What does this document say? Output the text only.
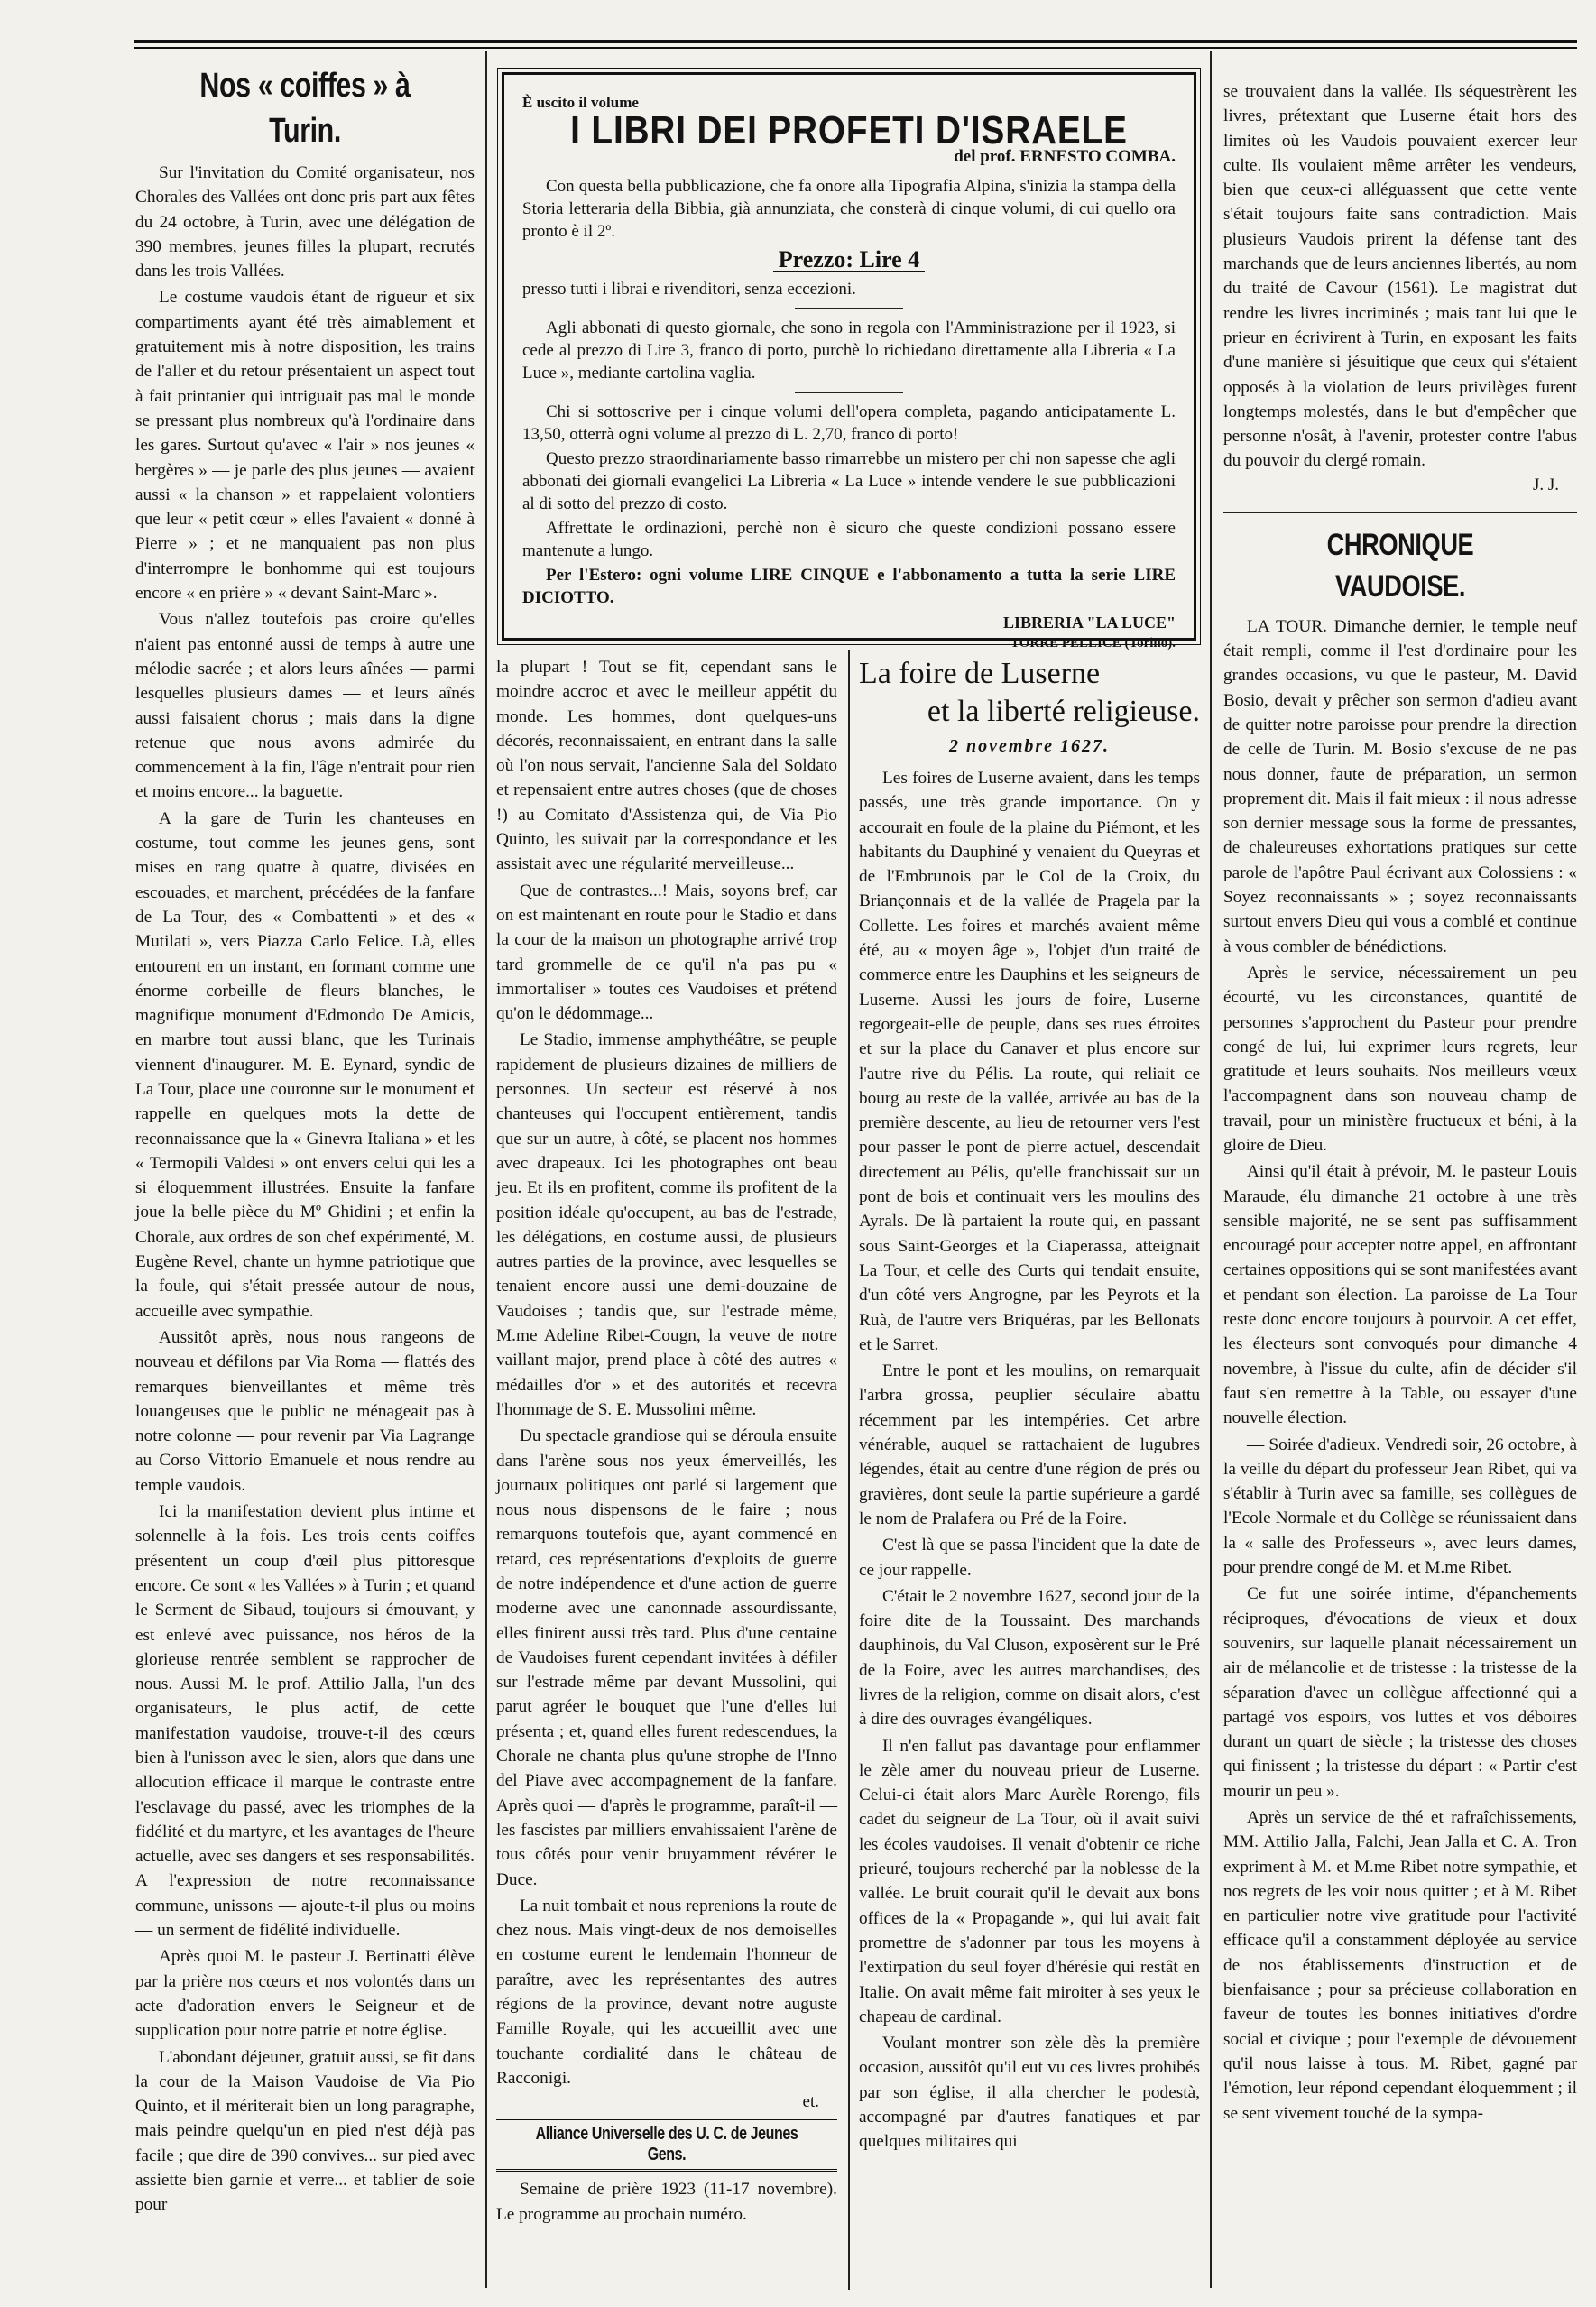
Nos « coiffes » à Turin.

Sur l'invitation du Comité organisateur, nos Chorales des Vallées ont donc pris part aux fêtes du 24 octobre, à Turin, avec une délégation de 390 membres, jeunes filles la plupart, recrutés dans les trois Vallées.

Le costume vaudois étant de rigueur et six compartiments ayant été très aimablement et gratuitement mis à notre disposition, les trains de l'aller et du retour présentaient un aspect tout à fait printanier qui intriguait pas mal le monde se pressant plus nombreux qu'à l'ordinaire dans les gares. Surtout qu'avec « l'air » nos jeunes « bergères » — je parle des plus jeunes — avaient aussi « la chanson » et rappelaient volontiers que leur « petit cœur » elles l'avaient « donné à Pierre » ; et ne manquaient pas non plus d'interrompre le bonhomme qui est toujours encore « en prière » « devant Saint-Marc ».

Vous n'allez toutefois pas croire qu'elles n'aient pas entonné aussi de temps à autre une mélodie sacrée ; et alors leurs aînées — parmi lesquelles plusieurs dames — et leurs aînés aussi faisaient chorus ; mais dans la digne retenue que nous avons admirée du commencement à la fin, l'âge n'entrait pour rien et moins encore... la baguette.

A la gare de Turin les chanteuses en costume, tout comme les jeunes gens, sont mises en rang quatre à quatre, divisées en escouades, et marchent, précédées de la fanfare de La Tour, des « Combattenti » et des « Mutilati », vers Piazza Carlo Felice. Là, elles entourent en un instant, en formant comme une énorme corbeille de fleurs blanches, le magnifique monument d'Edmondo De Amicis, en marbre tout aussi blanc, que les Turinais viennent d'inaugurer. M. E. Eynard, syndic de La Tour, place une couronne sur le monument et rappelle en quelques mots la dette de reconnaissance que la « Ginevra Italiana » et les « Termopili Valdesi » ont envers celui qui les a si éloquemment illustrées. Ensuite la fanfare joue la belle pièce du Mº Ghidini ; et enfin la Chorale, aux ordres de son chef expérimenté, M. Eugène Revel, chante un hymne patriotique que la foule, qui s'était pressée autour de nous, accueille avec sympathie.

Aussitôt après, nous nous rangeons de nouveau et défilons par Via Roma — flattés des remarques bienveillantes et même très louangeuses que le public ne ménageait pas à notre colonne — pour revenir par Via Lagrange au Corso Vittorio Emanuele et nous rendre au temple vaudois.

Ici la manifestation devient plus intime et solennelle à la fois. Les trois cents coiffes présentent un coup d'œil plus pittoresque encore. Ce sont « les Vallées » à Turin ; et quand le Serment de Sibaud, toujours si émouvant, y est enlevé avec puissance, nos héros de la glorieuse rentrée semblent se rapprocher de nous. Aussi M. le prof. Attilio Jalla, l'un des organisateurs, le plus actif, de cette manifestation vaudoise, trouve-t-il des cœurs bien à l'unisson avec le sien, alors que dans une allocution efficace il marque le contraste entre l'esclavage du passé, avec les triomphes de la fidélité et du martyre, et les avantages de l'heure actuelle, avec ses dangers et ses responsabilités. A l'expression de notre reconnaissance commune, unissons — ajoute-t-il plus ou moins — un serment de fidélité individuelle.

Après quoi M. le pasteur J. Bertinatti élève par la prière nos cœurs et nos volontés dans un acte d'adoration envers le Seigneur et de supplication pour notre patrie et notre église.

L'abondant déjeuner, gratuit aussi, se fit dans la cour de la Maison Vaudoise de Via Pio Quinto, et il mériterait bien un long paragraphe, mais peindre quelqu'un en pied n'est déjà pas facile ; que dire de 390 convives... sur pied avec assiette bien garnie et verre... et tablier de soie pour

È uscito il volume
I LIBRI DEI PROFETI D'ISRAELE
del prof. ERNESTO COMBA.

Con questa bella pubblicazione, che fa onore alla Tipografia Alpina, s'inizia la stampa della Storia letteraria della Bibbia, già annunziata, che consterà di cinque volumi, di cui quello ora pronto è il 2º.

Prezzo: Lire 4

presso tutti i librai e rivenditori, senza eccezioni.

Agli abbonati di questo giornale, che sono in regola con l'Amministrazione per il 1923, si cede al prezzo di Lire 3, franco di porto, purchè lo richiedano direttamente alla Libreria « La Luce », mediante cartolina vaglia.

Chi si sottoscrive per i cinque volumi dell'opera completa, pagando anticipatamente L. 13,50, otterrà ogni volume al prezzo di L. 2,70, franco di porto!

Questo prezzo straordinariamente basso rimarrebbe un mistero per chi non sapesse che agli abbonati dei giornali evangelici La Libreria « La Luce » intende vendere le sue pubblicazioni al di sotto del prezzo di costo.

Affrettate le ordinazioni, perchè non è sicuro che queste condizioni possano essere mantenute a lungo.

Per l'Estero: ogni volume LIRE CINQUE e l'abbonamento a tutta la serie LIRE DICIOTTO.

LIBRERIA "LA LUCE"
TORRE PELLICE (Torino).

la plupart ! Tout se fit, cependant sans le moindre accroc et avec le meilleur appétit du monde. Les hommes, dont quelques-uns décorés, reconnaissaient, en entrant dans la salle où l'on nous servait, l'ancienne Sala del Soldato et repensaient entre autres choses (que de choses !) au Comitato d'Assistenza qui, de Via Pio Quinto, les suivait par la correspondance et les assistait avec une régularité merveilleuse...

Que de contrastes...! Mais, soyons bref, car on est maintenant en route pour le Stadio et dans la cour de la maison un photographe arrivé trop tard grommelle de ce qu'il n'a pas pu « immortaliser » toutes ces Vaudoises et prétend qu'on le dédommage...

Le Stadio, immense amphythéâtre, se peuple rapidement de plusieurs dizaines de milliers de personnes. Un secteur est réservé à nos chanteuses qui l'occupent entièrement, tandis que sur un autre, à côté, se placent nos hommes avec drapeaux. Ici les photographes ont beau jeu. Et ils en profitent, comme ils profitent de la position idéale qu'occupent, au bas de l'estrade, les délégations, en costume aussi, de plusieurs autres parties de la province, avec lesquelles se tenaient encore aussi une demi-douzaine de Vaudoises ; tandis que, sur l'estrade même, M.me Adeline Ribet-Cougn, la veuve de notre vaillant major, prend place à côté des autres « médailles d'or » et des autorités et recevra l'hommage de S. E. Mussolini même.

Du spectacle grandiose qui se déroula ensuite dans l'arène sous nos yeux émerveillés, les journaux politiques ont parlé si largement que nous nous dispensons de le faire ; nous remarquons toutefois que, ayant commencé en retard, ces représentations d'exploits de guerre de notre indépendence et d'une action de guerre moderne avec une canonnade assourdissante, elles finirent aussi très tard. Plus d'une centaine de Vaudoises furent cependant invitées à défiler sur l'estrade même par devant Mussolini, qui parut agréer le bouquet que l'une d'elles lui présenta ; et, quand elles furent redescendues, la Chorale ne chanta plus qu'une strophe de l'Inno del Piave avec accompagnement de la fanfare. Après quoi — d'après le programme, paraît-il — les fascistes par milliers envahissaient l'arène de tous côtés pour venir bruyamment révérer le Duce.

La nuit tombait et nous reprenions la route de chez nous. Mais vingt-deux de nos demoiselles en costume eurent le lendemain l'honneur de paraître, avec les représentantes des autres régions de la province, devant notre auguste Famille Royale, qui les accueillit avec une touchante cordialité dans le château de Racconigi.

et.
Alliance Universelle des U. C. de Jeunes Gens.

Semaine de prière 1923 (11-17 novembre). Le programme au prochain numéro.

La foire de Luserne
et la liberté religieuse.
2 novembre 1627.

Les foires de Luserne avaient, dans les temps passés, une très grande importance. On y accourait en foule de la plaine du Piémont, et les habitants du Dauphiné y venaient du Queyras et de l'Embrunois par le Col de la Croix, du Briançonnais et de la vallée de Pragela par la Collette. Les foires et marchés avaient même été, au « moyen âge », l'objet d'un traité de commerce entre les Dauphins et les seigneurs de Luserne. Aussi les jours de foire, Luserne regorgeait-elle de peuple, dans ses rues étroites et sur la place du Canaver et plus encore sur l'autre rive du Pélis. La route, qui reliait ce bourg au reste de la vallée, arrivée au bas de la première descente, au lieu de retourner vers l'est pour passer le pont de pierre actuel, descendait directement au Pélis, qu'elle franchissait sur un pont de bois et continuait vers les moulins des Ayrals. De là partaient la route qui, en passant sous Saint-Georges et la Ciaperassa, atteignait La Tour, et celle des Curts qui tendait ensuite, d'un côté vers Angrogne, par les Peyrots et la Ruà, de l'autre vers Briquéras, par les Bellonats et le Sarret.

Entre le pont et les moulins, on remarquait l'arbra grossa, peuplier séculaire abattu récemment par les intempéries. Cet arbre vénérable, auquel se rattachaient de lugubres légendes, était au centre d'une région de prés ou gravières, dont seule la partie supérieure a gardé le nom de Pralafera ou Pré de la Foire.

C'est là que se passa l'incident que la date de ce jour rappelle.

C'était le 2 novembre 1627, second jour de la foire dite de la Toussaint. Des marchands dauphinois, du Val Cluson, exposèrent sur le Pré de la Foire, avec les autres marchandises, des livres de la religion, comme on disait alors, c'est à dire des ouvrages évangéliques.

Il n'en fallut pas davantage pour enflammer le zèle amer du nouveau prieur de Luserne. Celui-ci était alors Marc Aurèle Rorengo, fils cadet du seigneur de La Tour, où il avait suivi les écoles vaudoises. Il venait d'obtenir ce riche prieuré, toujours recherché par la noblesse de la vallée. Le bruit courait qu'il le devait aux bons offices de la « Propagande », qui lui avait fait promettre de s'adonner par tous les moyens à l'extirpation du seul foyer d'hérésie qui restât en Italie. On avait même fait miroiter à ses yeux le chapeau de cardinal.

Voulant montrer son zèle dès la première occasion, aussitôt qu'il eut vu ces livres prohibés par son église, il alla chercher le podestà, accompagné par d'autres fanatiques et par quelques militaires qui

se trouvaient dans la vallée. Ils séquestrèrent les livres, prétextant que Luserne était hors des limites où les Vaudois pouvaient exercer leur culte. Ils voulaient même arrêter les vendeurs, bien que ceux-ci alléguassent que cette vente s'était toujours faite sans contradiction. Mais plusieurs Vaudois prirent la défense tant des marchands que de leurs anciennes libertés, au nom du traité de Cavour (1561). Le magistrat dut rendre les livres incriminés ; mais tant lui que le prieur en écrivirent à Turin, en exposant les faits d'une manière si jésuitique que ceux qui s'étaient opposés à la violation de leurs privilèges furent longtemps molestés, dans le but d'empêcher que personne n'osât, à l'avenir, protester contre l'abus du pouvoir du clergé romain.

J. J.
CHRONIQUE VAUDOISE.

LA TOUR. Dimanche dernier, le temple neuf était rempli, comme il l'est d'ordinaire pour les grandes occasions, vu que le pasteur, M. David Bosio, devait y prêcher son sermon d'adieu avant de quitter notre paroisse pour prendre la direction de celle de Turin. M. Bosio s'excuse de ne pas nous donner, faute de préparation, un sermon proprement dit. Mais il fait mieux : il nous adresse son dernier message sous la forme de pressantes, de chaleureuses exhortations pratiques sur cette parole de l'apôtre Paul écrivant aux Colossiens : « Soyez reconnaissants » ; soyez reconnaissants surtout envers Dieu qui vous a comblé et continue à vous combler de bénédictions.

Après le service, nécessairement un peu écourté, vu les circonstances, quantité de personnes s'approchent du Pasteur pour prendre congé de lui, lui exprimer leurs regrets, leur gratitude et leurs souhaits. Nos meilleurs vœux l'accompagnent dans son nouveau champ de travail, pour un ministère fructueux et béni, à la gloire de Dieu.

Ainsi qu'il était à prévoir, M. le pasteur Louis Maraude, élu dimanche 21 octobre à une très sensible majorité, ne se sent pas suffisamment encouragé pour accepter notre appel, en affrontant certaines oppositions qui se sont manifestées avant et pendant son élection. La paroisse de La Tour reste donc encore toujours à pourvoir. A cet effet, les électeurs sont convoqués pour dimanche 4 novembre, à l'issue du culte, afin de décider s'il faut s'en remettre à la Table, ou essayer d'une nouvelle élection.

— Soirée d'adieux. Vendredi soir, 26 octobre, à la veille du départ du professeur Jean Ribet, qui va s'établir à Turin avec sa famille, ses collègues de l'Ecole Normale et du Collège se réunissaient dans la « salle des Professeurs », avec leurs dames, pour prendre congé de M. et M.me Ribet.

Ce fut une soirée intime, d'épanchements réciproques, d'évocations de vieux et doux souvenirs, sur laquelle planait nécessairement un air de mélancolie et de tristesse : la tristesse de la séparation d'avec un collègue affectionné qui a partagé vos espoirs, vos luttes et vos déboires durant un quart de siècle ; la tristesse des choses qui finissent ; la tristesse du départ : « Partir c'est mourir un peu ».

Après un service de thé et rafraîchissements, MM. Attilio Jalla, Falchi, Jean Jalla et C. A. Tron expriment à M. et M.me Ribet notre sympathie, et nos regrets de les voir nous quitter ; et à M. Ribet en particulier notre vive gratitude pour l'activité efficace qu'il a constamment déployée au service de nos établissements d'instruction et de bienfaisance ; pour sa précieuse collaboration en faveur de toutes les bonnes initiatives d'ordre social et civique ; pour l'exemple de dévouement qu'il nous laisse à tous. M. Ribet, gagné par l'émotion, leur répond cependant éloquemment ; il se sent vivement touché de la sympa-
